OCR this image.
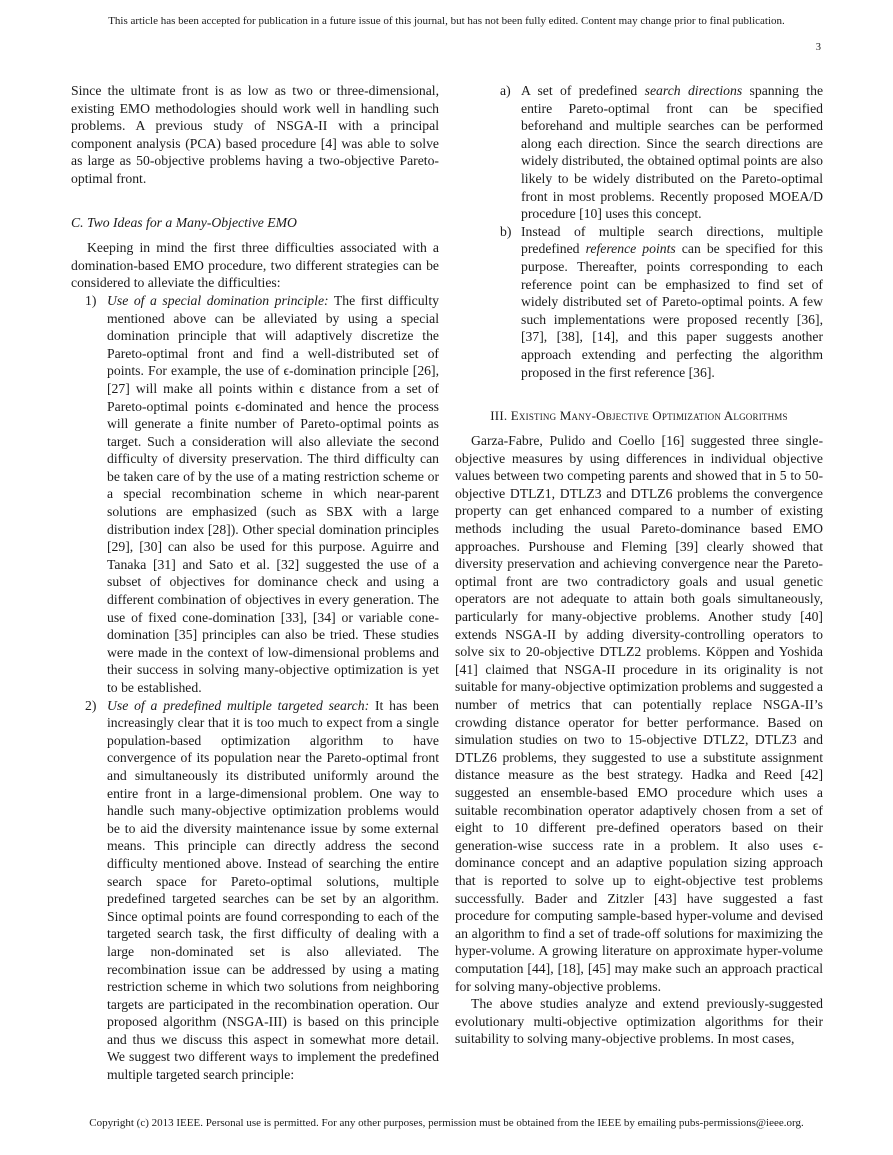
This article has been accepted for publication in a future issue of this journal, but has not been fully edited. Content may change prior to final publication.
3

Since the ultimate front is as low as two or three-dimensional, existing EMO methodologies should work well in handling such problems. A previous study of NSGA-II with a principal component analysis (PCA) based procedure [4] was able to solve as large as 50-objective problems having a two-objective Pareto-optimal front.

C. Two Ideas for a Many-Objective EMO

Keeping in mind the first three difficulties associated with a domination-based EMO procedure, two different strategies can be considered to alleviate the difficulties:

1) Use of a special domination principle: The first difficulty mentioned above can be alleviated by using a special domination principle that will adaptively discretize the Pareto-optimal front and find a well-distributed set of points. For example, the use of ϵ-domination principle [26], [27] will make all points within ϵ distance from a set of Pareto-optimal points ϵ-dominated and hence the process will generate a finite number of Pareto-optimal points as target. Such a consideration will also alleviate the second difficulty of diversity preservation. The third difficulty can be taken care of by the use of a mating restriction scheme or a special recombination scheme in which near-parent solutions are emphasized (such as SBX with a large distribution index [28]). Other special domination principles [29], [30] can also be used for this purpose. Aguirre and Tanaka [31] and Sato et al. [32] suggested the use of a subset of objectives for dominance check and using a different combination of objectives in every generation. The use of fixed cone-domination [33], [34] or variable cone-domination [35] principles can also be tried. These studies were made in the context of low-dimensional problems and their success in solving many-objective optimization is yet to be established.
2) Use of a predefined multiple targeted search: It has been increasingly clear that it is too much to expect from a single population-based optimization algorithm to have convergence of its population near the Pareto-optimal front and simultaneously its distributed uniformly around the entire front in a large-dimensional problem. One way to handle such many-objective optimization problems would be to aid the diversity maintenance issue by some external means. This principle can directly address the second difficulty mentioned above. Instead of searching the entire search space for Pareto-optimal solutions, multiple predefined targeted searches can be set by an algorithm. Since optimal points are found corresponding to each of the targeted search task, the first difficulty of dealing with a large non-dominated set is also alleviated. The recombination issue can be addressed by using a mating restriction scheme in which two solutions from neighboring targets are participated in the recombination operation. Our proposed algorithm (NSGA-III) is based on this principle and thus we discuss this aspect in somewhat more detail. We suggest two different ways to implement the predefined multiple targeted search principle:
a) A set of predefined search directions spanning the entire Pareto-optimal front can be specified beforehand and multiple searches can be performed along each direction. Since the search directions are widely distributed, the obtained optimal points are also likely to be widely distributed on the Pareto-optimal front in most problems. Recently proposed MOEA/D procedure [10] uses this concept.
b) Instead of multiple search directions, multiple predefined reference points can be specified for this purpose. Thereafter, points corresponding to each reference point can be emphasized to find set of widely distributed set of Pareto-optimal points. A few such implementations were proposed recently [36], [37], [38], [14], and this paper suggests another approach extending and perfecting the algorithm proposed in the first reference [36].
III. Existing Many-Objective Optimization Algorithms

Garza-Fabre, Pulido and Coello [16] suggested three single-objective measures by using differences in individual objective values between two competing parents and showed that in 5 to 50-objective DTLZ1, DTLZ3 and DTLZ6 problems the convergence property can get enhanced compared to a number of existing methods including the usual Pareto-dominance based EMO approaches. Purshouse and Fleming [39] clearly showed that diversity preservation and achieving convergence near the Pareto-optimal front are two contradictory goals and usual genetic operators are not adequate to attain both goals simultaneously, particularly for many-objective problems. Another study [40] extends NSGA-II by adding diversity-controlling operators to solve six to 20-objective DTLZ2 problems. Köppen and Yoshida [41] claimed that NSGA-II procedure in its originality is not suitable for many-objective optimization problems and suggested a number of metrics that can potentially replace NSGA-II’s crowding distance operator for better performance. Based on simulation studies on two to 15-objective DTLZ2, DTLZ3 and DTLZ6 problems, they suggested to use a substitute assignment distance measure as the best strategy. Hadka and Reed [42] suggested an ensemble-based EMO procedure which uses a suitable recombination operator adaptively chosen from a set of eight to 10 different pre-defined operators based on their generation-wise success rate in a problem. It also uses ϵ-dominance concept and an adaptive population sizing approach that is reported to solve up to eight-objective test problems successfully. Bader and Zitzler [43] have suggested a fast procedure for computing sample-based hyper-volume and devised an algorithm to find a set of trade-off solutions for maximizing the hyper-volume. A growing literature on approximate hyper-volume computation [44], [18], [45] may make such an approach practical for solving many-objective problems.

The above studies analyze and extend previously-suggested evolutionary multi-objective optimization algorithms for their suitability to solving many-objective problems. In most cases,

Copyright (c) 2013 IEEE. Personal use is permitted. For any other purposes, permission must be obtained from the IEEE by emailing pubs-permissions@ieee.org.
